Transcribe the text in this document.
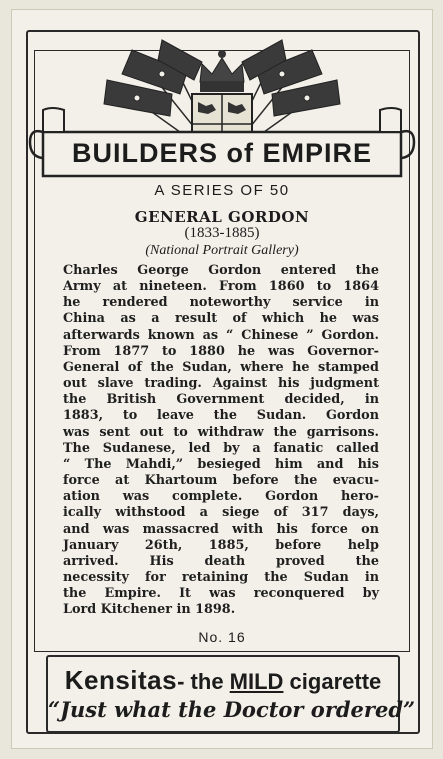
BUILDERS of EMPIRE
A SERIES OF 50
GENERAL GORDON
(1833-1885)
(National Portrait Gallery)
Charles George Gordon entered the
Army at nineteen. From 1860 to 1864
he rendered noteworthy service in
China as a result of which he was
afterwards known as “ Chinese ” Gordon.
From 1877 to 1880 he was Governor-
General of the Sudan, where he stamped
out slave trading. Against his judgment
the British Government decided, in
1883, to leave the Sudan. Gordon
was sent out to withdraw the garrisons.
The Sudanese, led by a fanatic called
“ The Mahdi,” besieged him and his
force at Khartoum before the evacu-
ation was complete. Gordon hero-
ically withstood a siege of 317 days,
and was massacred with his force on
January 26th, 1885, before help
arrived. His death proved the
necessity for retaining the Sudan in
the Empire. It was reconquered by
Lord Kitchener in 1898.
No. 16
Kensitas- the MILD cigarette
“Just what the Doctor ordered”
